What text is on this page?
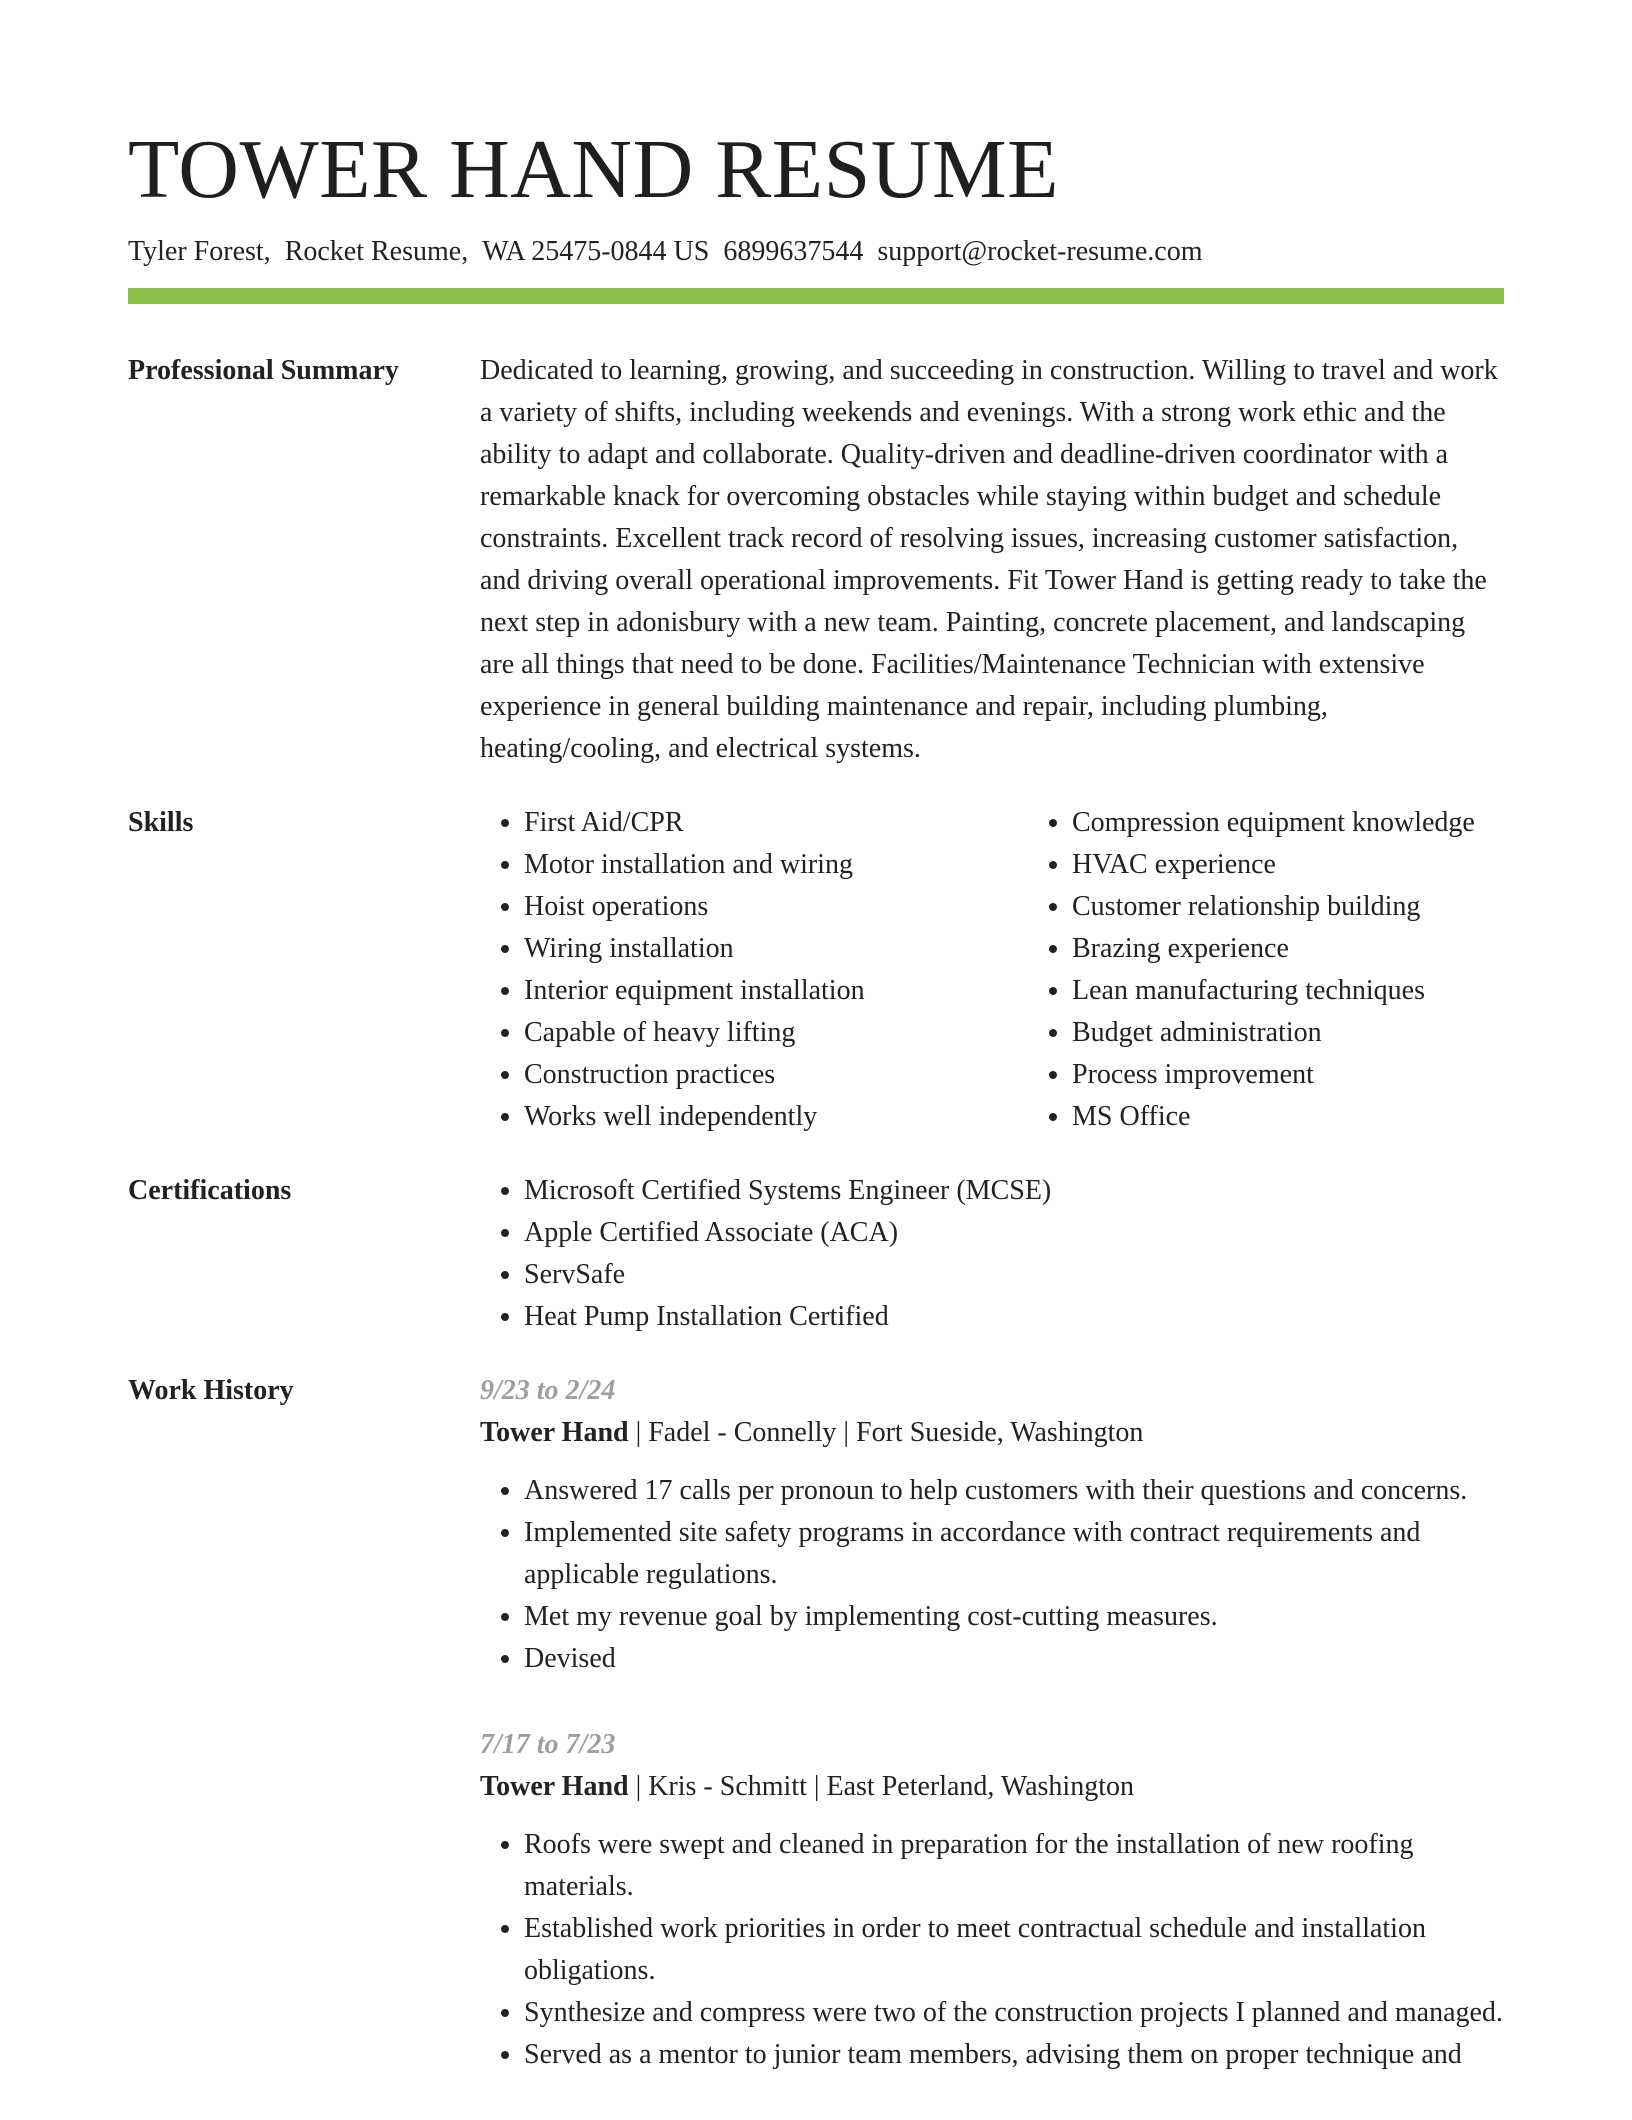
TOWER HAND RESUME
Tyler Forest, Rocket Resume, WA 25475-0844 US 6899637544 support@rocket-resume.com
Professional Summary	Dedicated to learning, growing, and succeeding in construction. Willing to travel and work a variety of shifts, including weekends and evenings. With a strong work ethic and the ability to adapt and collaborate. Quality-driven and deadline-driven coordinator with a remarkable knack for overcoming obstacles while staying within budget and schedule constraints. Excellent track record of resolving issues, increasing customer satisfaction, and driving overall operational improvements. Fit Tower Hand is getting ready to take the next step in adonisbury with a new team. Painting, concrete placement, and landscaping are all things that need to be done. Facilities/Maintenance Technician with extensive experience in general building maintenance and repair, including plumbing, heating/cooling, and electrical systems.

Skills	• First Aid/CPR
• Motor installation and wiring
• Hoist operations
• Wiring installation
• Interior equipment installation
• Capable of heavy lifting
• Construction practices
• Works well independently
• Compression equipment knowledge
• HVAC experience
• Customer relationship building
• Brazing experience
• Lean manufacturing techniques
• Budget administration
• Process improvement
• MS Office
Certifications	• Microsoft Certified Systems Engineer (MCSE)
• Apple Certified Associate (ACA)
• ServSafe
• Heat Pump Installation Certified
Work History	9/23 to 2/24
Tower Hand | Fadel - Connelly | Fort Sueside, Washington
• Answered 17 calls per pronoun to help customers with their questions and concerns.
• Implemented site safety programs in accordance with contract requirements and applicable regulations.
• Met my revenue goal by implementing cost-cutting measures.
• Devised
7/17 to 7/23
Tower Hand | Kris - Schmitt | East Peterland, Washington
• Roofs were swept and cleaned in preparation for the installation of new roofing materials.
• Established work priorities in order to meet contractual schedule and installation obligations.
• Synthesize and compress were two of the construction projects I planned and managed.
• Served as a mentor to junior team members, advising them on proper technique and
